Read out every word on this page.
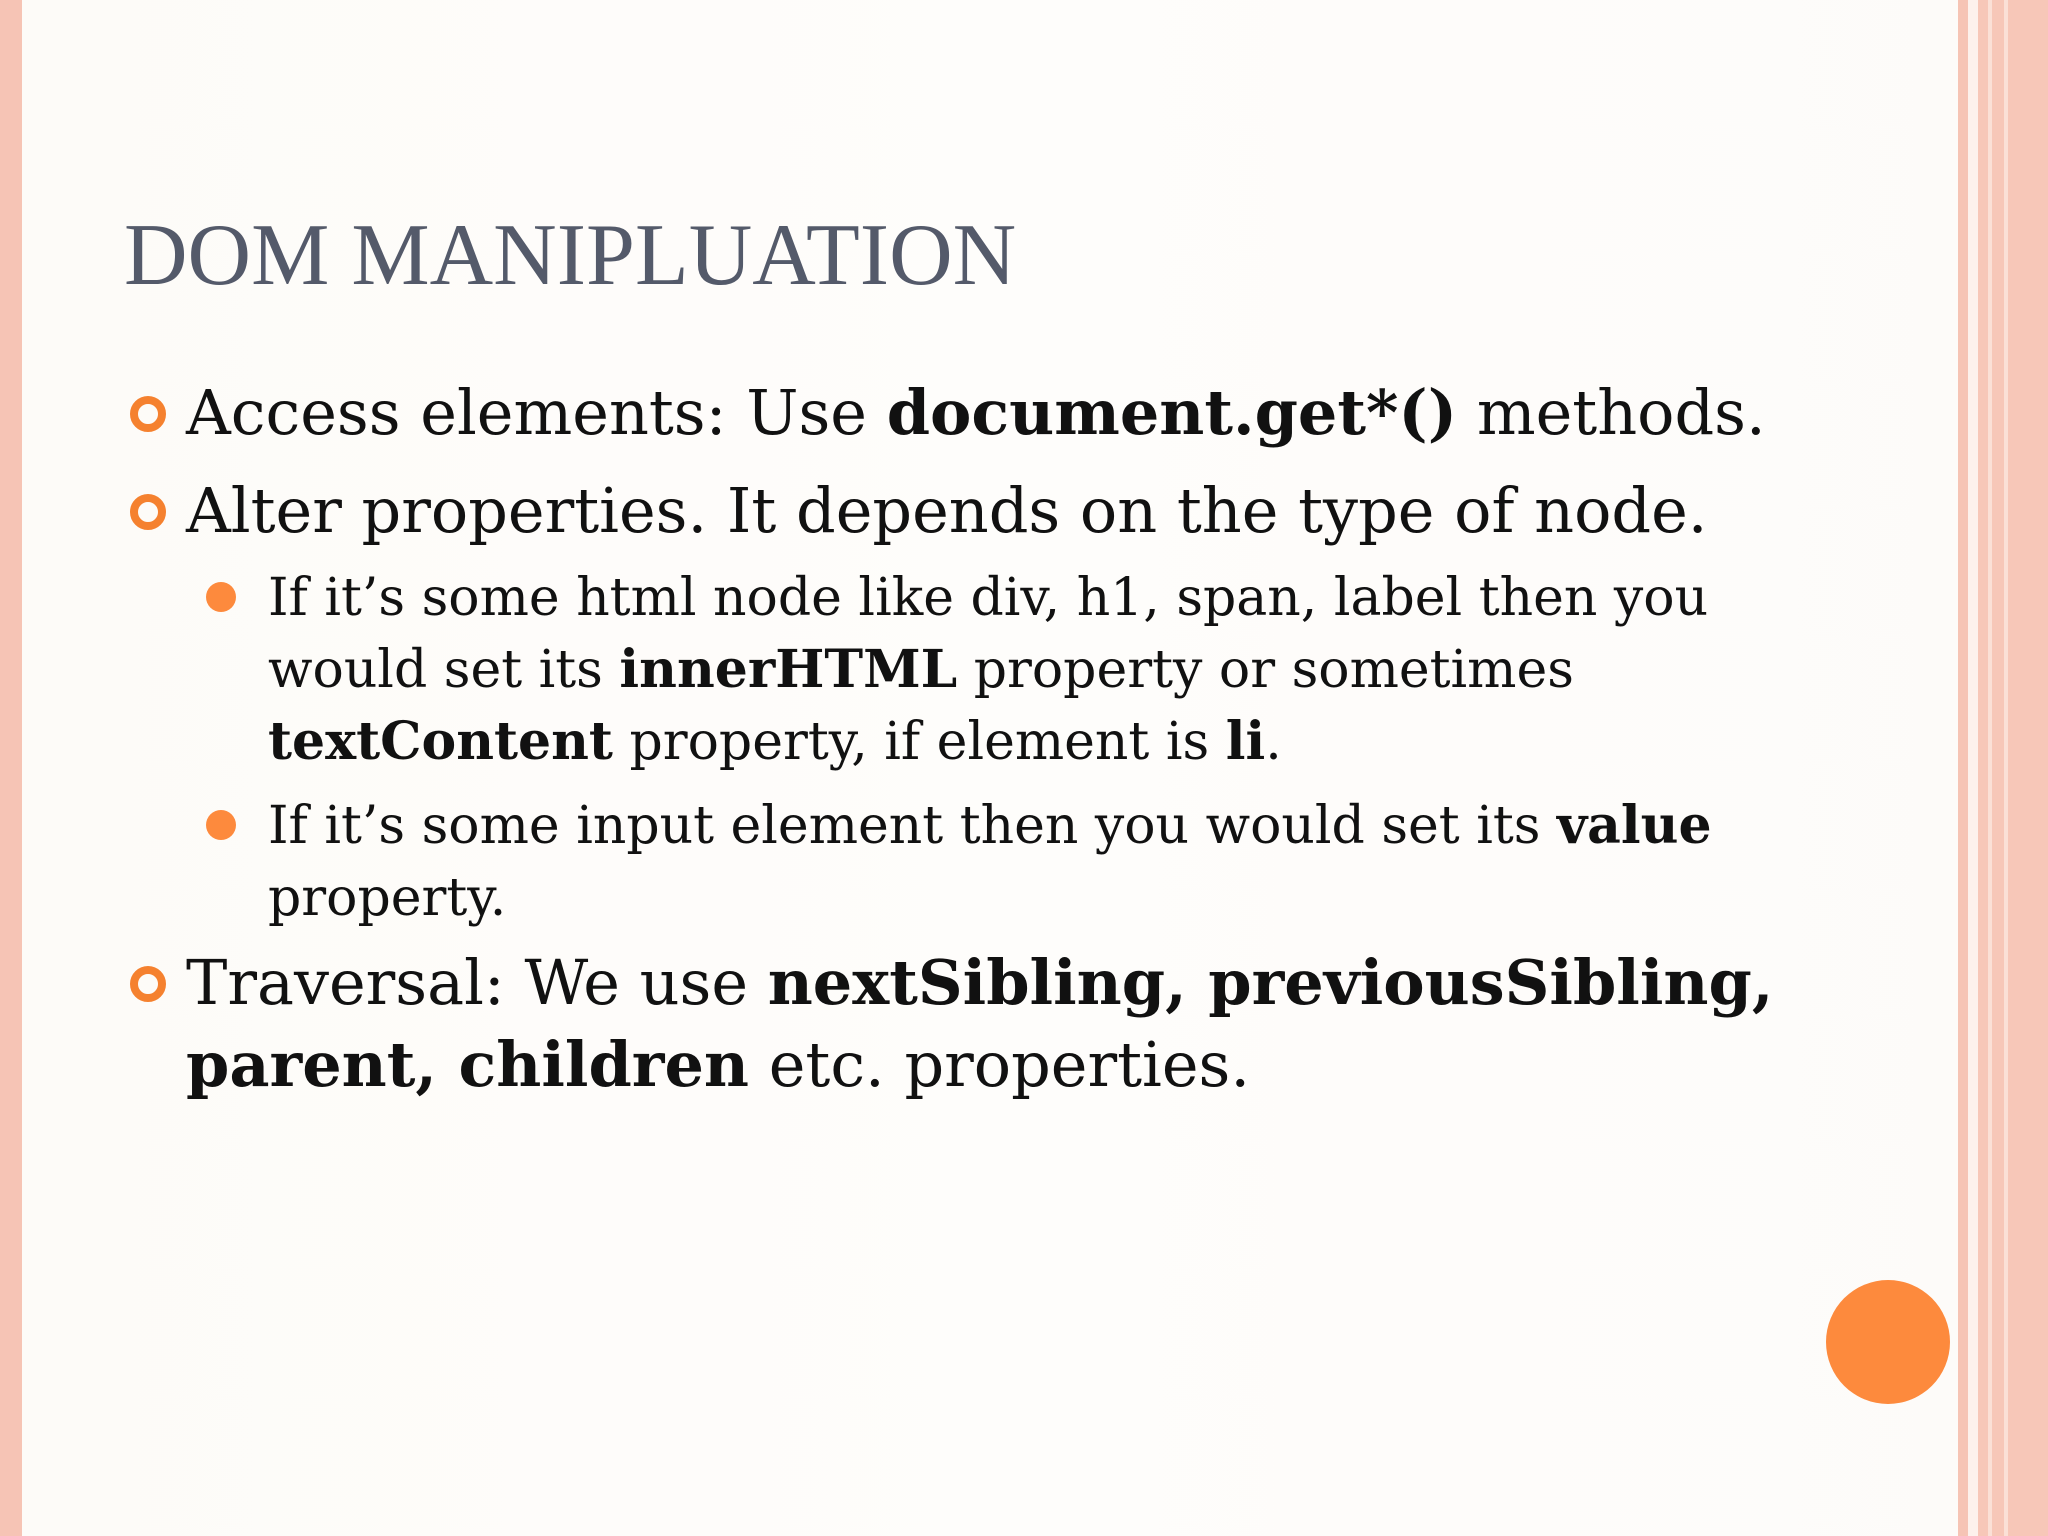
DOM MANIPLUATION

Access elements: Use document.get*() methods.

Alter properties. It depends on the type of node.

If it’s some html node like div, h1, span, label then you would set its innerHTML property or sometimes textContent property, if element is li.

If it’s some input element then you would set its value property.

Traversal: We use nextSibling, previousSibling, parent, children etc. properties.
